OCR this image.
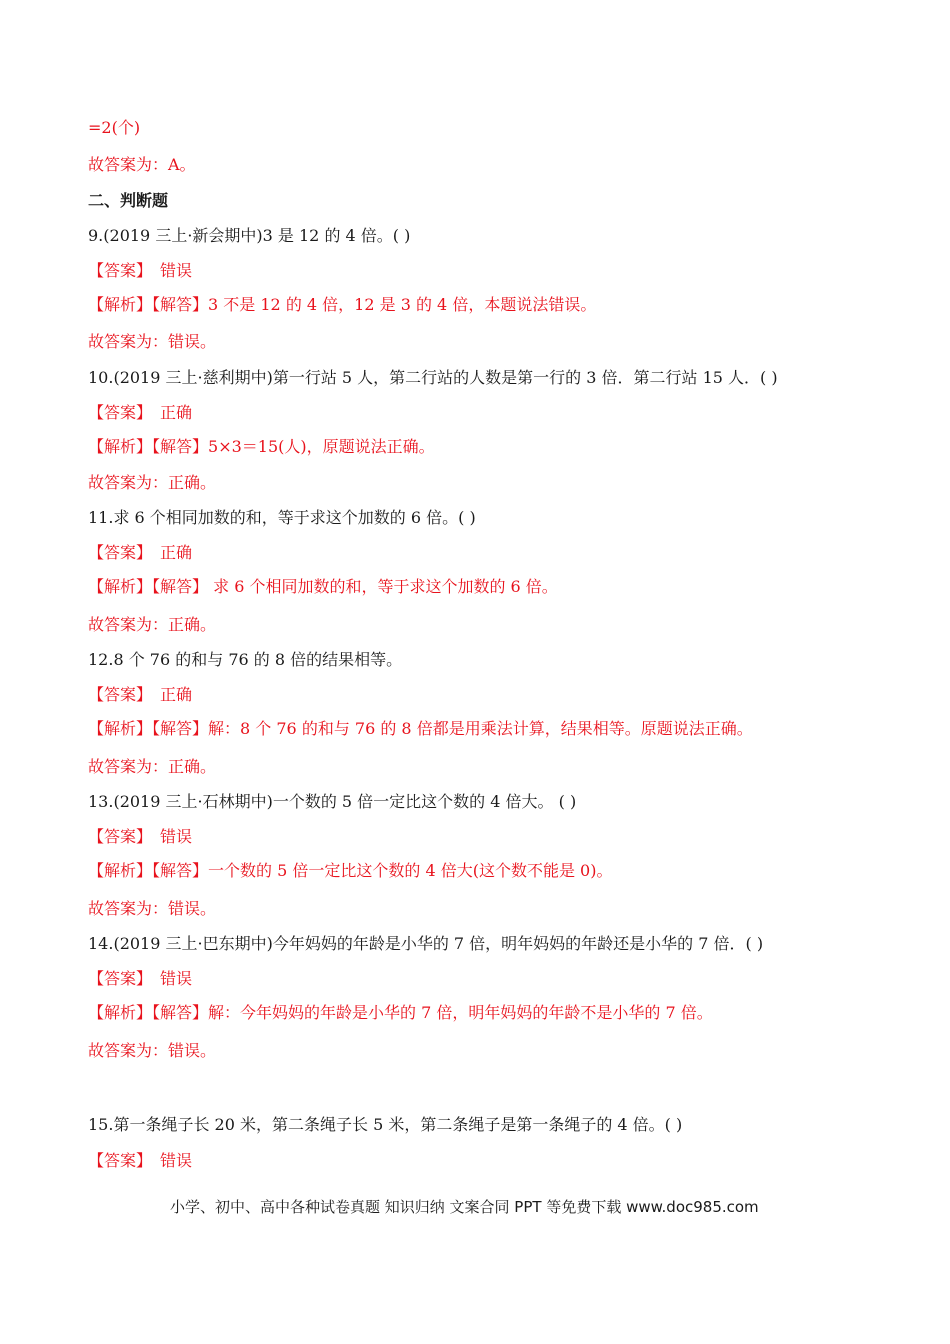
=2(个)
故答案为：A。
二、判断题
9.(2019 三上·新会期中)3 是 12 的 4 倍。( )
【答案】 错误
【解析】【解答】3 不是 12 的 4 倍，12 是 3 的 4 倍，本题说法错误。
故答案为：错误。
10.(2019 三上·慈利期中)第一行站 5 人，第二行站的人数是第一行的 3 倍．第二行站 15 人．( )
【答案】 正确
【解析】【解答】5×3＝15(人)，原题说法正确。
故答案为：正确。
11.求 6 个相同加数的和，等于求这个加数的 6 倍。( )
【答案】 正确
【解析】【解答】 求 6 个相同加数的和，等于求这个加数的 6 倍。
故答案为：正确。
12.8 个 76 的和与 76 的 8 倍的结果相等。
【答案】 正确
【解析】【解答】解：8 个 76 的和与 76 的 8 倍都是用乘法计算，结果相等。原题说法正确。
故答案为：正确。
13.(2019 三上·石林期中)一个数的 5 倍一定比这个数的 4 倍大。 ( )
【答案】 错误
【解析】【解答】一个数的 5 倍一定比这个数的 4 倍大(这个数不能是 0)。
故答案为：错误。
14.(2019 三上·巴东期中)今年妈妈的年龄是小华的 7 倍，明年妈妈的年龄还是小华的 7 倍．( )
【答案】 错误
【解析】【解答】解：今年妈妈的年龄是小华的 7 倍，明年妈妈的年龄不是小华的 7 倍。
故答案为：错误。
15.第一条绳子长 20 米，第二条绳子长 5 米，第二条绳子是第一条绳子的 4 倍。( )
【答案】 错误
小学、初中、高中各种试卷真题 知识归纳 文案合同 PPT 等免费下载 www.doc985.com
